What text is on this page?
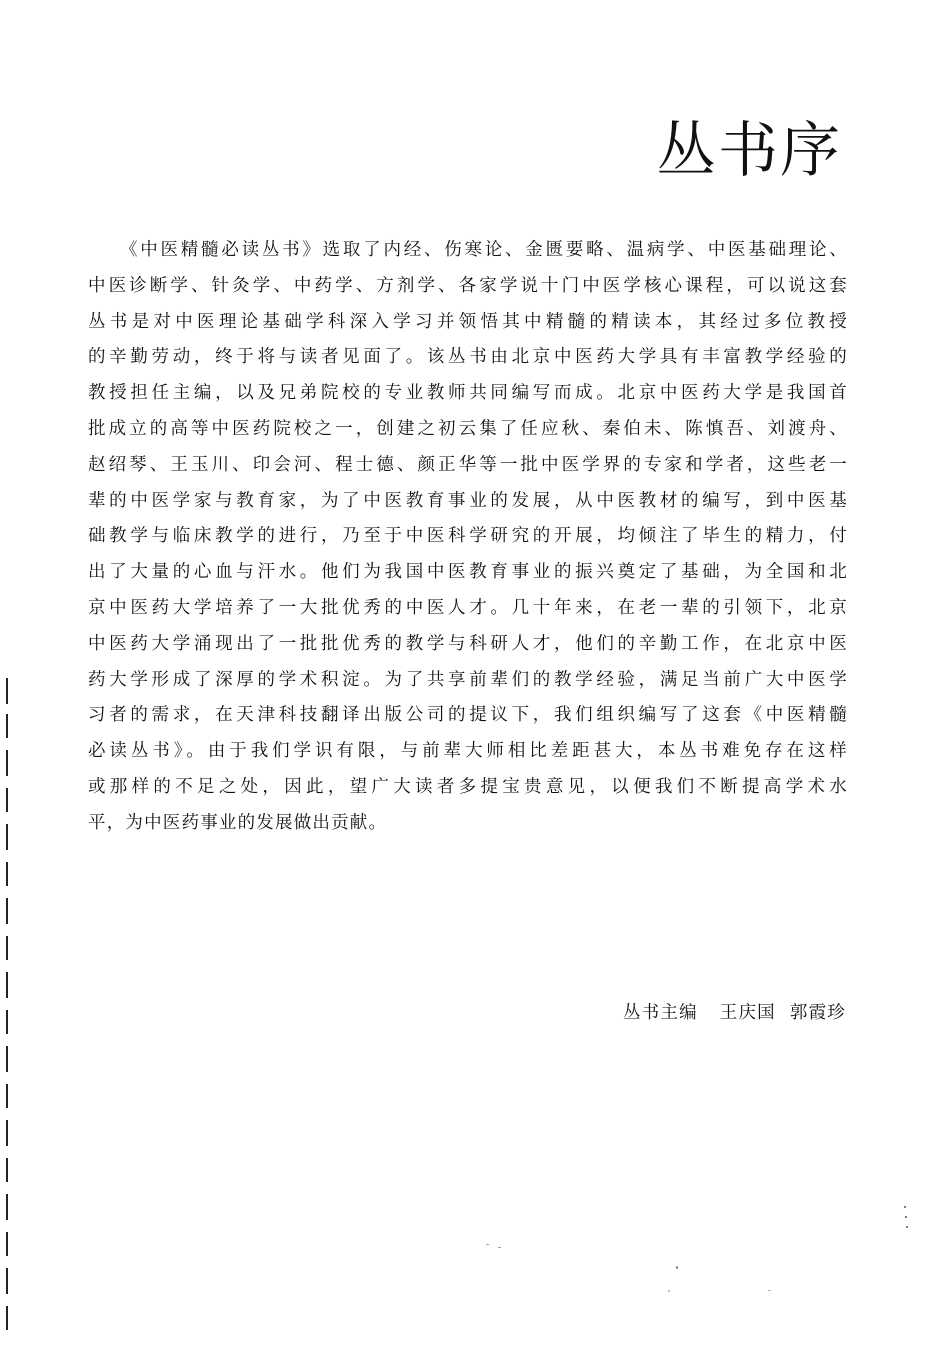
丛书序
《中医精髓必读丛书》选取了内经、伤寒论、金匮要略、温病学、中医基础理论、
中医诊断学、针灸学、中药学、方剂学、各家学说十门中医学核心课程，可以说这套
丛书是对中医理论基础学科深入学习并领悟其中精髓的精读本，其经过多位教授
的辛勤劳动，终于将与读者见面了。该丛书由北京中医药大学具有丰富教学经验的
教授担任主编，以及兄弟院校的专业教师共同编写而成。北京中医药大学是我国首
批成立的高等中医药院校之一，创建之初云集了任应秋、秦伯未、陈慎吾、刘渡舟、
赵绍琴、王玉川、印会河、程士德、颜正华等一批中医学界的专家和学者，这些老一
辈的中医学家与教育家，为了中医教育事业的发展，从中医教材的编写，到中医基
础教学与临床教学的进行，乃至于中医科学研究的开展，均倾注了毕生的精力，付
出了大量的心血与汗水。他们为我国中医教育事业的振兴奠定了基础，为全国和北
京中医药大学培养了一大批优秀的中医人才。几十年来，在老一辈的引领下，北京
中医药大学涌现出了一批批优秀的教学与科研人才，他们的辛勤工作，在北京中医
药大学形成了深厚的学术积淀。为了共享前辈们的教学经验，满足当前广大中医学
习者的需求，在天津科技翻译出版公司的提议下，我们组织编写了这套《中医精髓
必读丛书》。由于我们学识有限，与前辈大师相比差距甚大，本丛书难免存在这样
或那样的不足之处，因此，望广大读者多提宝贵意见，以便我们不断提高学术水
平，为中医药事业的发展做出贡献。
丛书主编 王庆国 郭霞珍
